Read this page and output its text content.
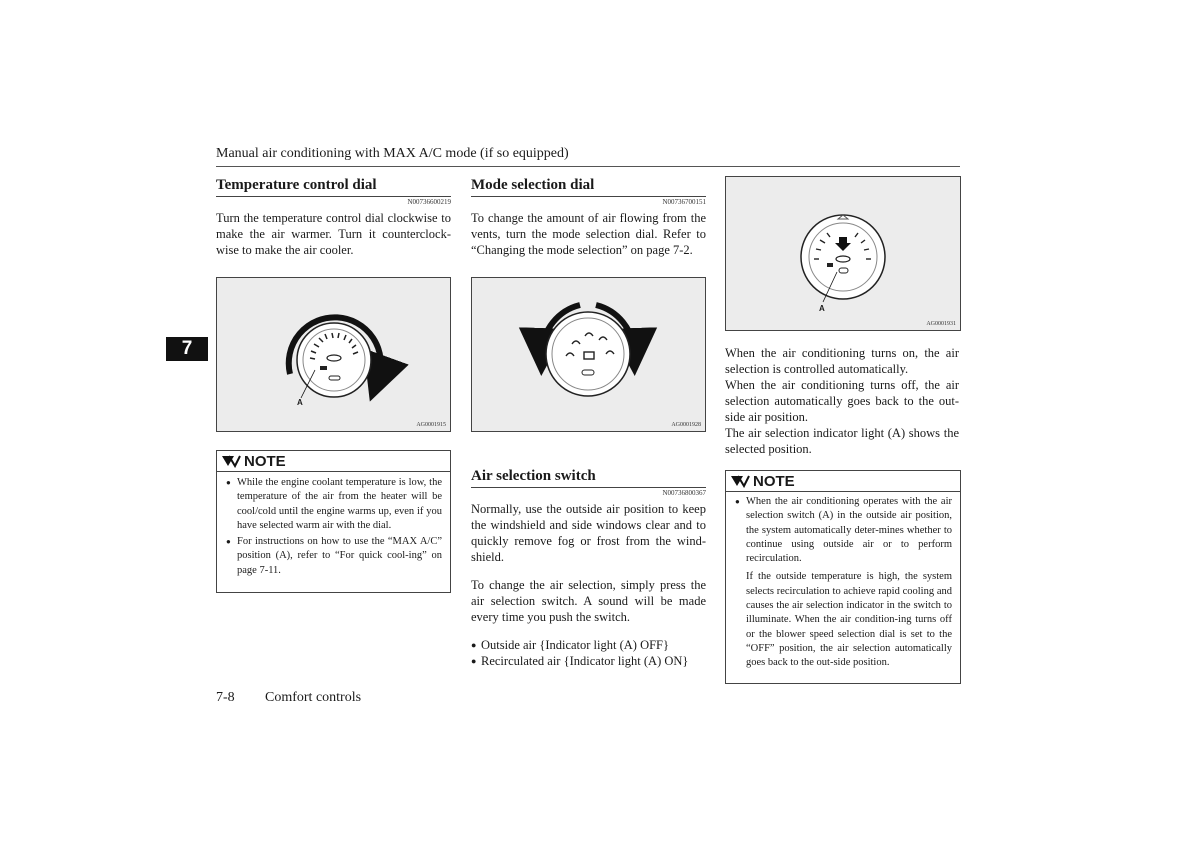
Manual air conditioning with MAX A/C mode (if so equipped)
7
Temperature control dial
N00736600219
Turn the temperature control dial clockwise to make the air warmer. Turn it counterclock-wise to make the air cooler.
A
AG0001915
NOTE
● While the engine coolant temperature is low, the temperature of the air from the heater will be cool/cold until the engine warms up, even if you have selected warm air with the dial.
● For instructions on how to use the “MAX A/C” position (A), refer to “For quick cool-ing” on page 7-11.
Mode selection dial
N00736700151
To change the amount of air flowing from the vents, turn the mode selection dial. Refer to “Changing the mode selection” on page 7-2.
AG0001928
Air selection switch
N00736800367
Normally, use the outside air position to keep the windshield and side windows clear and to quickly remove fog or frost from the wind-shield.
To change the air selection, simply press the air selection switch. A sound will be made every time you push the switch.
● Outside air {Indicator light (A) OFF}
● Recirculated air {Indicator light (A) ON}
A
AG0001931
When the air conditioning turns on, the air selection is controlled automatically.
When the air conditioning turns off, the air selection automatically goes back to the out-side air position.
The air selection indicator light (A) shows the selected position.
NOTE
● When the air conditioning operates with the air selection switch (A) in the outside air position, the system automatically deter-mines whether to continue using outside air or to perform recirculation.
If the outside temperature is high, the system selects recirculation to achieve rapid cooling and causes the air selection indicator in the switch to illuminate. When the air condition-ing turns off or the blower speed selection dial is set to the “OFF” position, the air selection automatically goes back to the out-side position.
7-8 Comfort controls
